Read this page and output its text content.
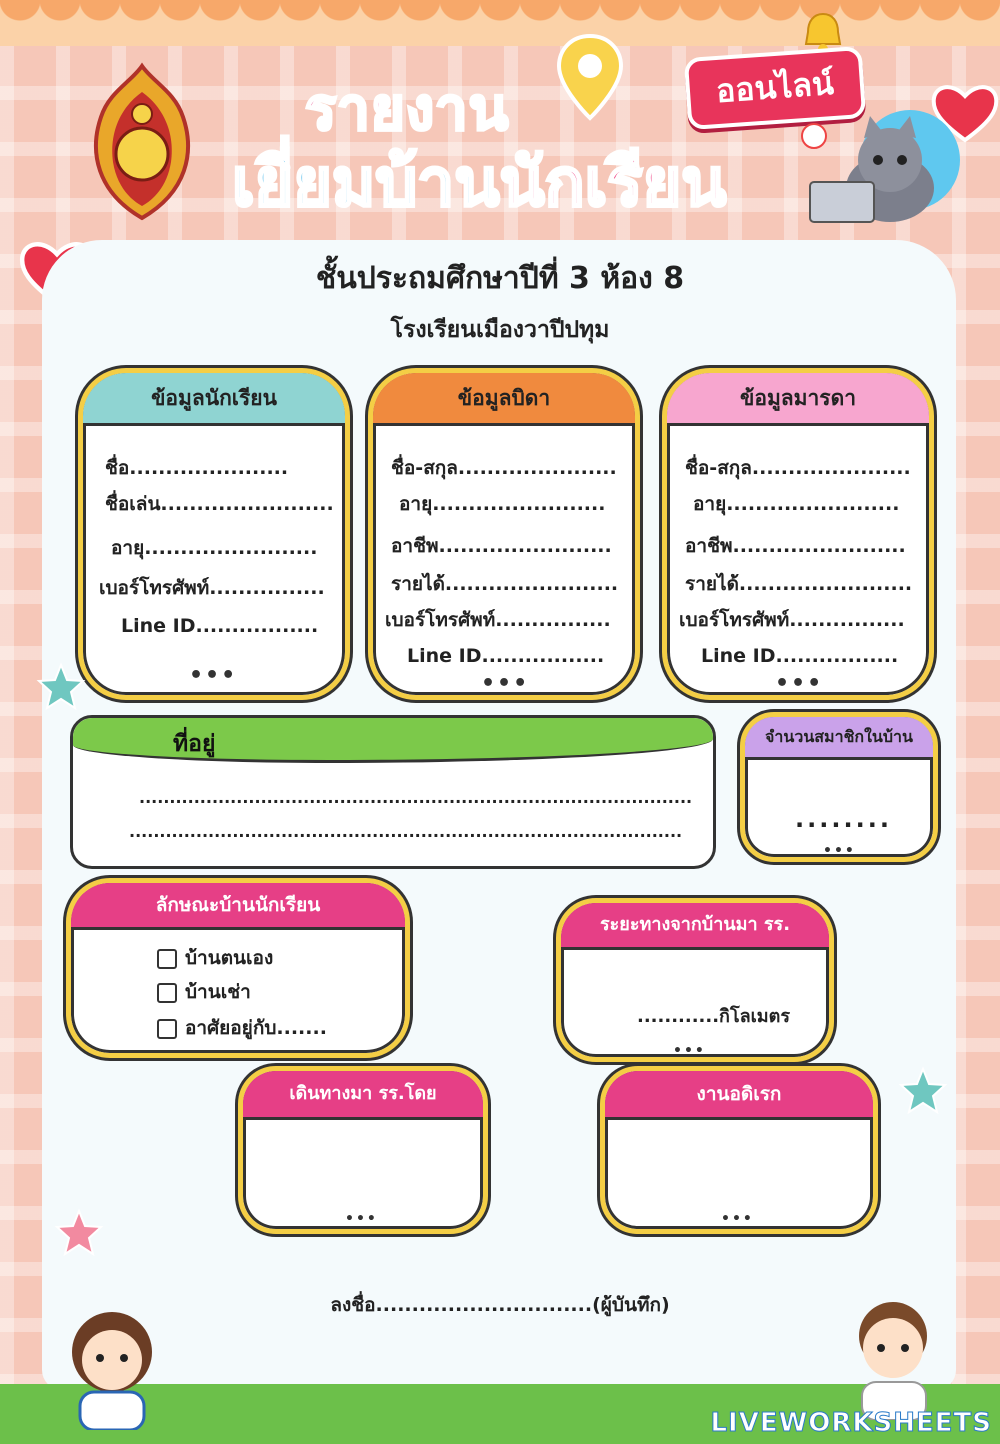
รายงาน
เยี่ยมบ้านนักเรียน
ออนไลน์
ชั้นประถมศึกษาปีที่ 3 ห้อง 8
โรงเรียนเมืองวาปีปทุม
ข้อมูลนักเรียน
ชื่อ......................
ชื่อเล่น........................
อายุ........................
เบอร์โทรศัพท์................
Line ID.................
•••
ข้อมูลบิดา
ชื่อ-สกุล......................
อายุ........................
อาชีพ........................
รายได้........................
เบอร์โทรศัพท์................
Line ID.................
•••
ข้อมูลมารดา
ชื่อ-สกุล......................
อายุ........................
อาชีพ........................
รายได้........................
เบอร์โทรศัพท์................
Line ID.................
•••
ที่อยู่
...........................................................................................
...........................................................................................
จำนวนสมาชิกในบ้าน
........
•••
ลักษณะบ้านนักเรียน
บ้านตนเอง
บ้านเช่า
อาศัยอยู่กับ.......
ระยะทางจากบ้านมา รร.
............กิโลเมตร
•••
เดินทางมา รร.โดย
•••
งานอดิเรก
•••
ลงชื่อ..............................(ผู้บันทึก)
LIVEWORKSHEETS
